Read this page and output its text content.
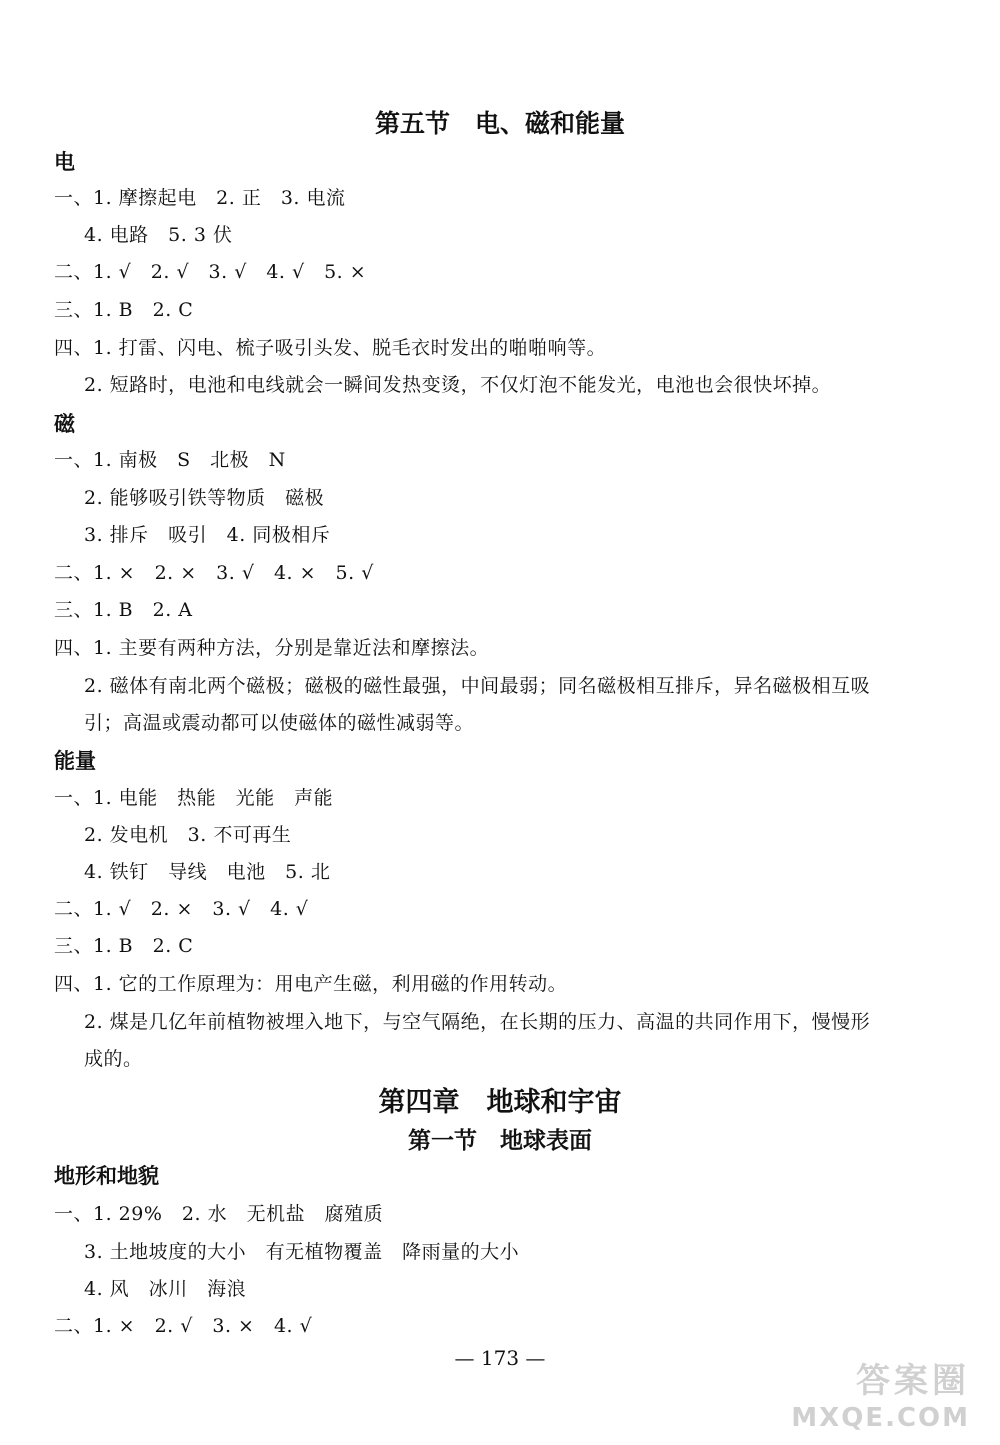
第五节　电、磁和能量
电
一、1. 摩擦起电　2. 正　3. 电流
4. 电路　5. 3 伏
二、1. √　2. √　3. √　4. √　5. ×
三、1. B　2. C
四、1. 打雷、闪电、梳子吸引头发、脱毛衣时发出的啪啪响等。
2. 短路时，电池和电线就会一瞬间发热变烫，不仅灯泡不能发光，电池也会很快坏掉。
磁
一、1. 南极　S　北极　N
2. 能够吸引铁等物质　磁极
3. 排斥　吸引　4. 同极相斥
二、1. ×　2. ×　3. √　4. ×　5. √
三、1. B　2. A
四、1. 主要有两种方法，分别是靠近法和摩擦法。
2. 磁体有南北两个磁极；磁极的磁性最强，中间最弱；同名磁极相互排斥，异名磁极相互吸
引；高温或震动都可以使磁体的磁性减弱等。
能量
一、1. 电能　热能　光能　声能
2. 发电机　3. 不可再生
4. 铁钉　导线　电池　5. 北
二、1. √　2. ×　3. √　4. √
三、1. B　2. C
四、1. 它的工作原理为：用电产生磁，利用磁的作用转动。
2. 煤是几亿年前植物被埋入地下，与空气隔绝，在长期的压力、高温的共同作用下，慢慢形
成的。
第四章　地球和宇宙
第一节　地球表面
地形和地貌
一、1. 29%　2. 水　无机盐　腐殖质
3. 土地坡度的大小　有无植物覆盖　降雨量的大小
4. 风　冰川　海浪
二、1. ×　2. √　3. ×　4. √
— 173 —
答案圈
MXQE.COM
